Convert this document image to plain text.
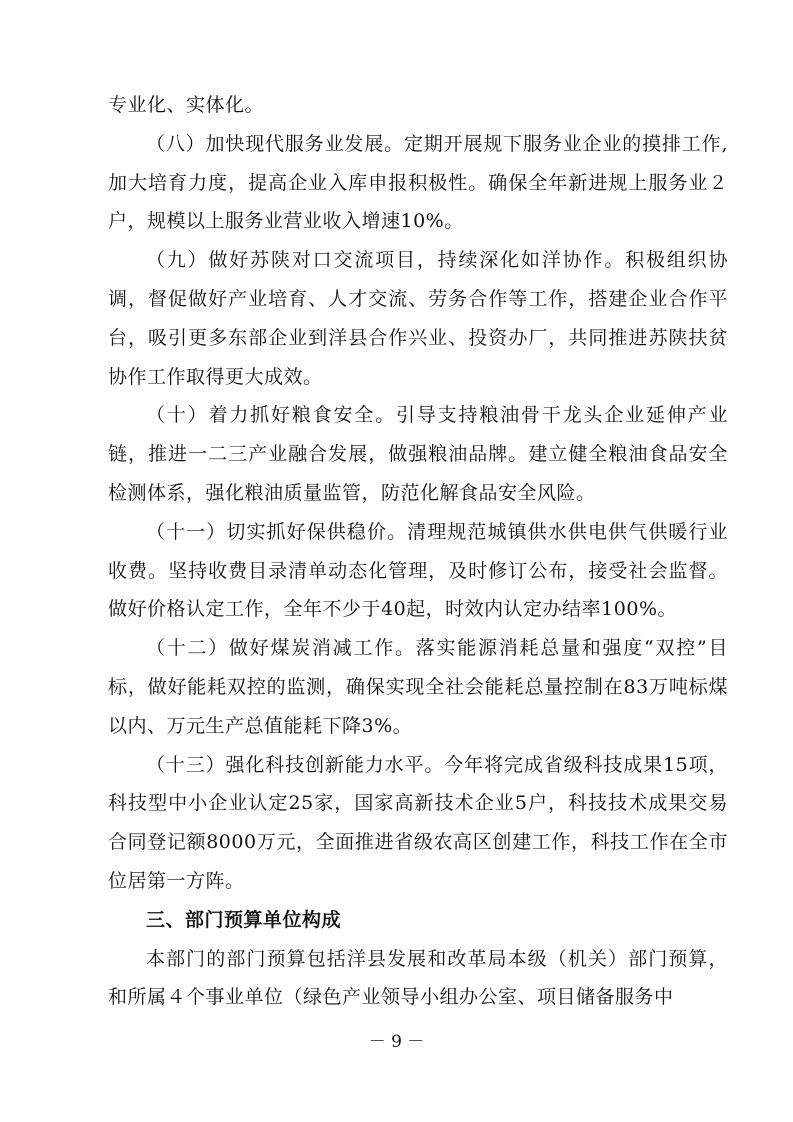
专业化、实体化。

（八）加快现代服务业发展。定期开展规下服务业企业的摸排工作,加大培育力度，提高企业入库申报积极性。确保全年新进规上服务业２户，规模以上服务业营业收入增速10%。

（九）做好苏陕对口交流项目，持续深化如洋协作。积极组织协调，督促做好产业培育、人才交流、劳务合作等工作，搭建企业合作平台，吸引更多东部企业到洋县合作兴业、投资办厂，共同推进苏陕扶贫协作工作取得更大成效。

（十）着力抓好粮食安全。引导支持粮油骨干龙头企业延伸产业链，推进一二三产业融合发展，做强粮油品牌。建立健全粮油食品安全检测体系，强化粮油质量监管，防范化解食品安全风险。

（十一）切实抓好保供稳价。清理规范城镇供水供电供气供暖行业收费。坚持收费目录清单动态化管理，及时修订公布，接受社会监督。做好价格认定工作，全年不少于40起，时效内认定办结率100%。

（十二）做好煤炭消减工作。落实能源消耗总量和强度“双控”目标，做好能耗双控的监测，确保实现全社会能耗总量控制在83万吨标煤以内、万元生产总值能耗下降3%。

（十三）强化科技创新能力水平。今年将完成省级科技成果15项，科技型中小企业认定25家，国家高新技术企业5户，科技技术成果交易合同登记额8000万元，全面推进省级农高区创建工作，科技工作在全市位居第一方阵。

三、部门预算单位构成

本部门的部门预算包括洋县发展和改革局本级（机关）部门预算，和所属４个事业单位（绿色产业领导小组办公室、项目储备服务中

－ 9 －
